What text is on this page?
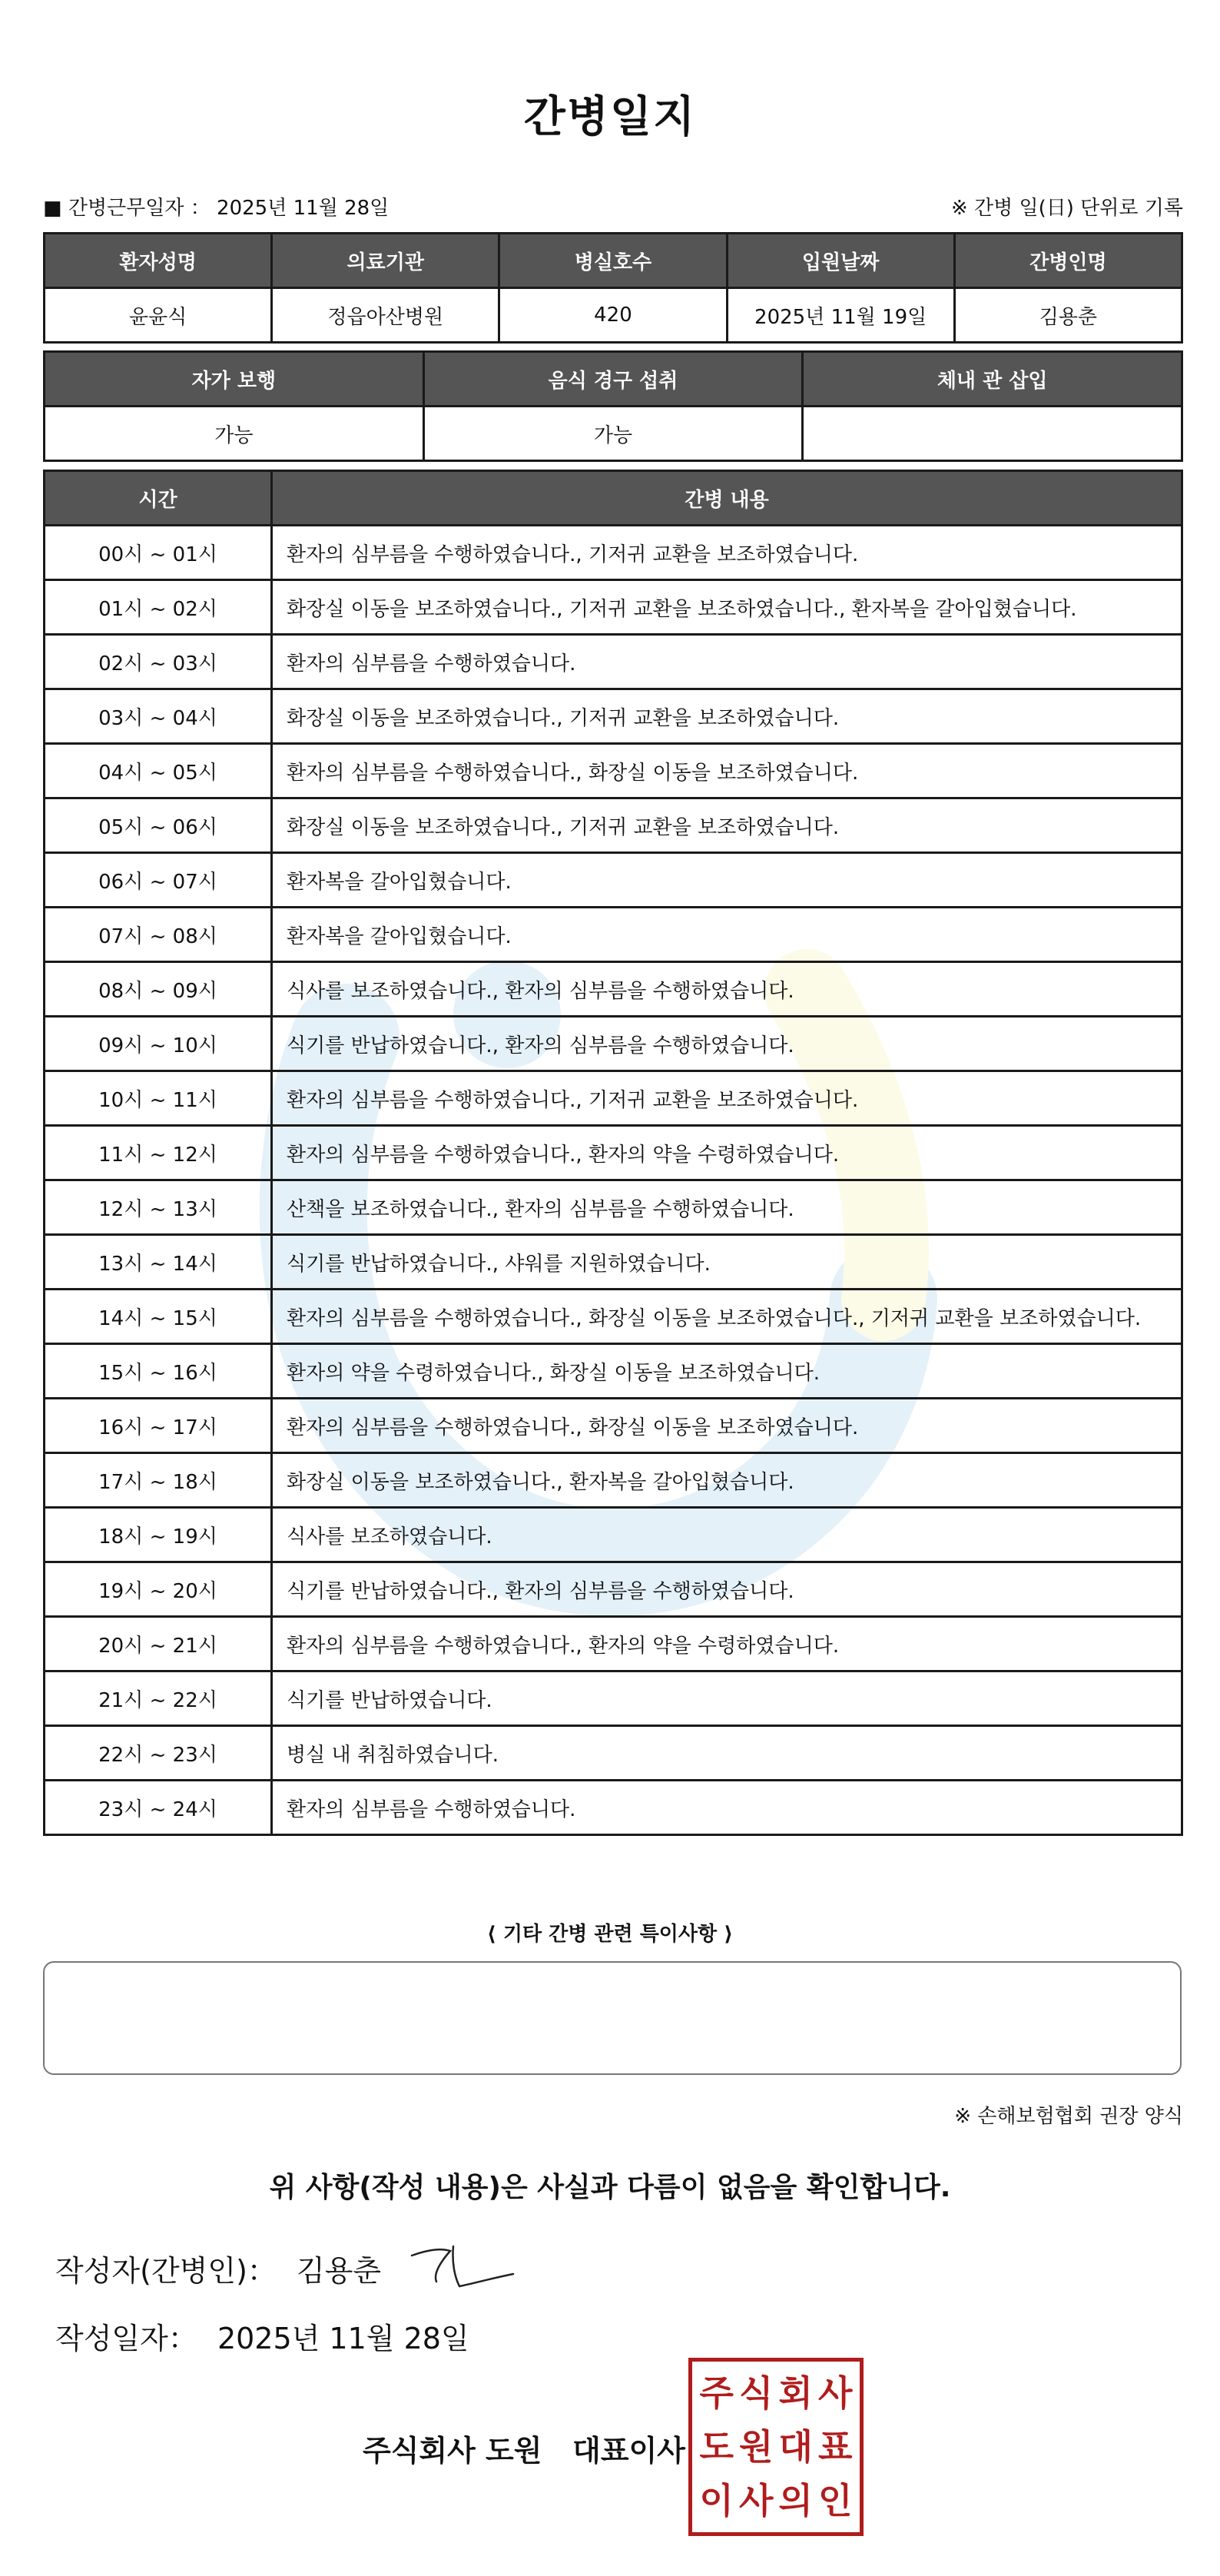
간병일지
■ 간병근무일자 ： 2025년 11월 28일	※ 간병 일(日) 단위로 기록
환자성명	의료기관	병실호수	입원날짜	간병인명
윤윤식	정읍아산병원	420	2025년 11월 19일	김용춘
자가 보행	음식 경구 섭취	체내 관 삽입
가능	가능	
시간	간병 내용
00시 ~ 01시	환자의 심부름을 수행하였습니다., 기저귀 교환을 보조하였습니다.
01시 ~ 02시	화장실 이동을 보조하였습니다., 기저귀 교환을 보조하였습니다., 환자복을 갈아입혔습니다.
02시 ~ 03시	환자의 심부름을 수행하였습니다.
03시 ~ 04시	화장실 이동을 보조하였습니다., 기저귀 교환을 보조하였습니다.
04시 ~ 05시	환자의 심부름을 수행하였습니다., 화장실 이동을 보조하였습니다.
05시 ~ 06시	화장실 이동을 보조하였습니다., 기저귀 교환을 보조하였습니다.
06시 ~ 07시	환자복을 갈아입혔습니다.
07시 ~ 08시	환자복을 갈아입혔습니다.
08시 ~ 09시	식사를 보조하였습니다., 환자의 심부름을 수행하였습니다.
09시 ~ 10시	식기를 반납하였습니다., 환자의 심부름을 수행하였습니다.
10시 ~ 11시	환자의 심부름을 수행하였습니다., 기저귀 교환을 보조하였습니다.
11시 ~ 12시	환자의 심부름을 수행하였습니다., 환자의 약을 수령하였습니다.
12시 ~ 13시	산책을 보조하였습니다., 환자의 심부름을 수행하였습니다.
13시 ~ 14시	식기를 반납하였습니다., 샤워를 지원하였습니다.
14시 ~ 15시	환자의 심부름을 수행하였습니다., 화장실 이동을 보조하였습니다., 기저귀 교환을 보조하였습니다.
15시 ~ 16시	환자의 약을 수령하였습니다., 화장실 이동을 보조하였습니다.
16시 ~ 17시	환자의 심부름을 수행하였습니다., 화장실 이동을 보조하였습니다.
17시 ~ 18시	화장실 이동을 보조하였습니다., 환자복을 갈아입혔습니다.
18시 ~ 19시	식사를 보조하였습니다.
19시 ~ 20시	식기를 반납하였습니다., 환자의 심부름을 수행하였습니다.
20시 ~ 21시	환자의 심부름을 수행하였습니다., 환자의 약을 수령하였습니다.
21시 ~ 22시	식기를 반납하였습니다.
22시 ~ 23시	병실 내 취침하였습니다.
23시 ~ 24시	환자의 심부름을 수행하였습니다.
⟨ 기타 간병 관련 특이사항 ⟩
※ 손해보험협회 권장 양식
위 사항(작성 내용)은 사실과 다름이 없음을 확인합니다.
작성자(간병인)： 김용춘
작성일자： 2025년 11월 28일
주식회사 도원   대표이사
주 식 회 사
도 원 대 표
이 사 의 인
